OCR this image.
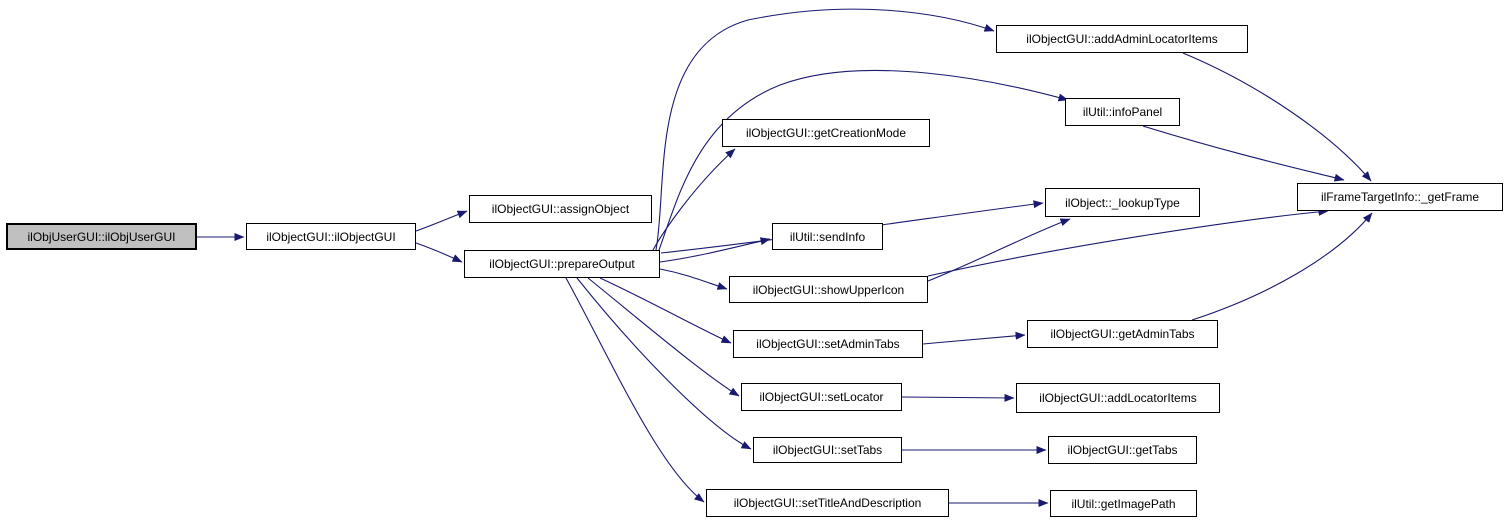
ilObjUserGUI::ilObjUserGUI	ilObjectGUI::ilObjectGUI
ilObjectGUI::assignObject
ilObjectGUI::prepareOutput
ilObjectGUI::addAdminLocatorItems
ilUtil::infoPanel
ilObjectGUI::getCreationMode
ilObject::_lookupType	ilFrameTargetInfo::_getFrame
ilUtil::sendInfo
ilObjectGUI::showUpperIcon
ilObjectGUI::setAdminTabs
ilObjectGUI::getAdminTabs
ilObjectGUI::setLocator	ilObjectGUI::addLocatorItems
ilObjectGUI::setTabs	ilObjectGUI::getTabs
ilObjectGUI::setTitleAndDescription	ilUtil::getImagePath
